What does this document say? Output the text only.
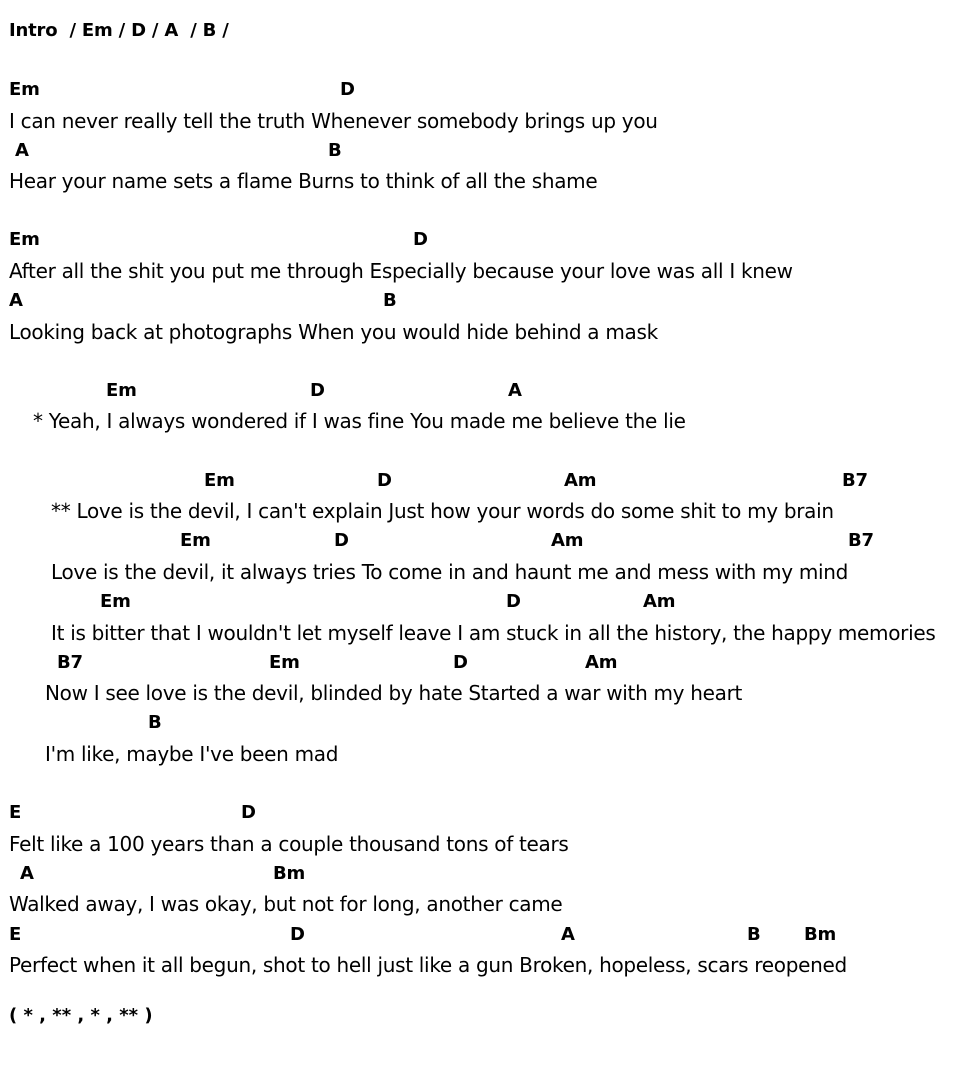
Intro  / Em / D / A  / B /

Em

	D

I can never really tell the truth Whenever somebody brings up you

A

	B

Hear your name sets a flame Burns to think of all the shame

Em

	D

After all the shit you put me through Especially because your love was all I knew

A

	B

Looking back at photographs When you would hide behind a mask

Em

	D

	A

* Yeah, I always wondered if I was fine You made me believe the lie

Em

	D

	Am

	B7

** Love is the devil, I can't explain Just how your words do some shit to my brain

Em

	D

	Am

	B7

Love is the devil, it always tries To come in and haunt me and mess with my mind

Em

	D

	Am

It is bitter that I wouldn't let myself leave I am stuck in all the history, the happy memories

B7

	Em

	D

	Am

Now I see love is the devil, blinded by hate Started a war with my heart

B

I'm like, maybe I've been mad

E

	D

Felt like a 100 years than a couple thousand tons of tears

A

	Bm

Walked away, I was okay, but not for long, another came

E

	D

	A

	B

Bm

Perfect when it all begun, shot to hell just like a gun Broken, hopeless, scars reopened

( * , ** , * , ** )
